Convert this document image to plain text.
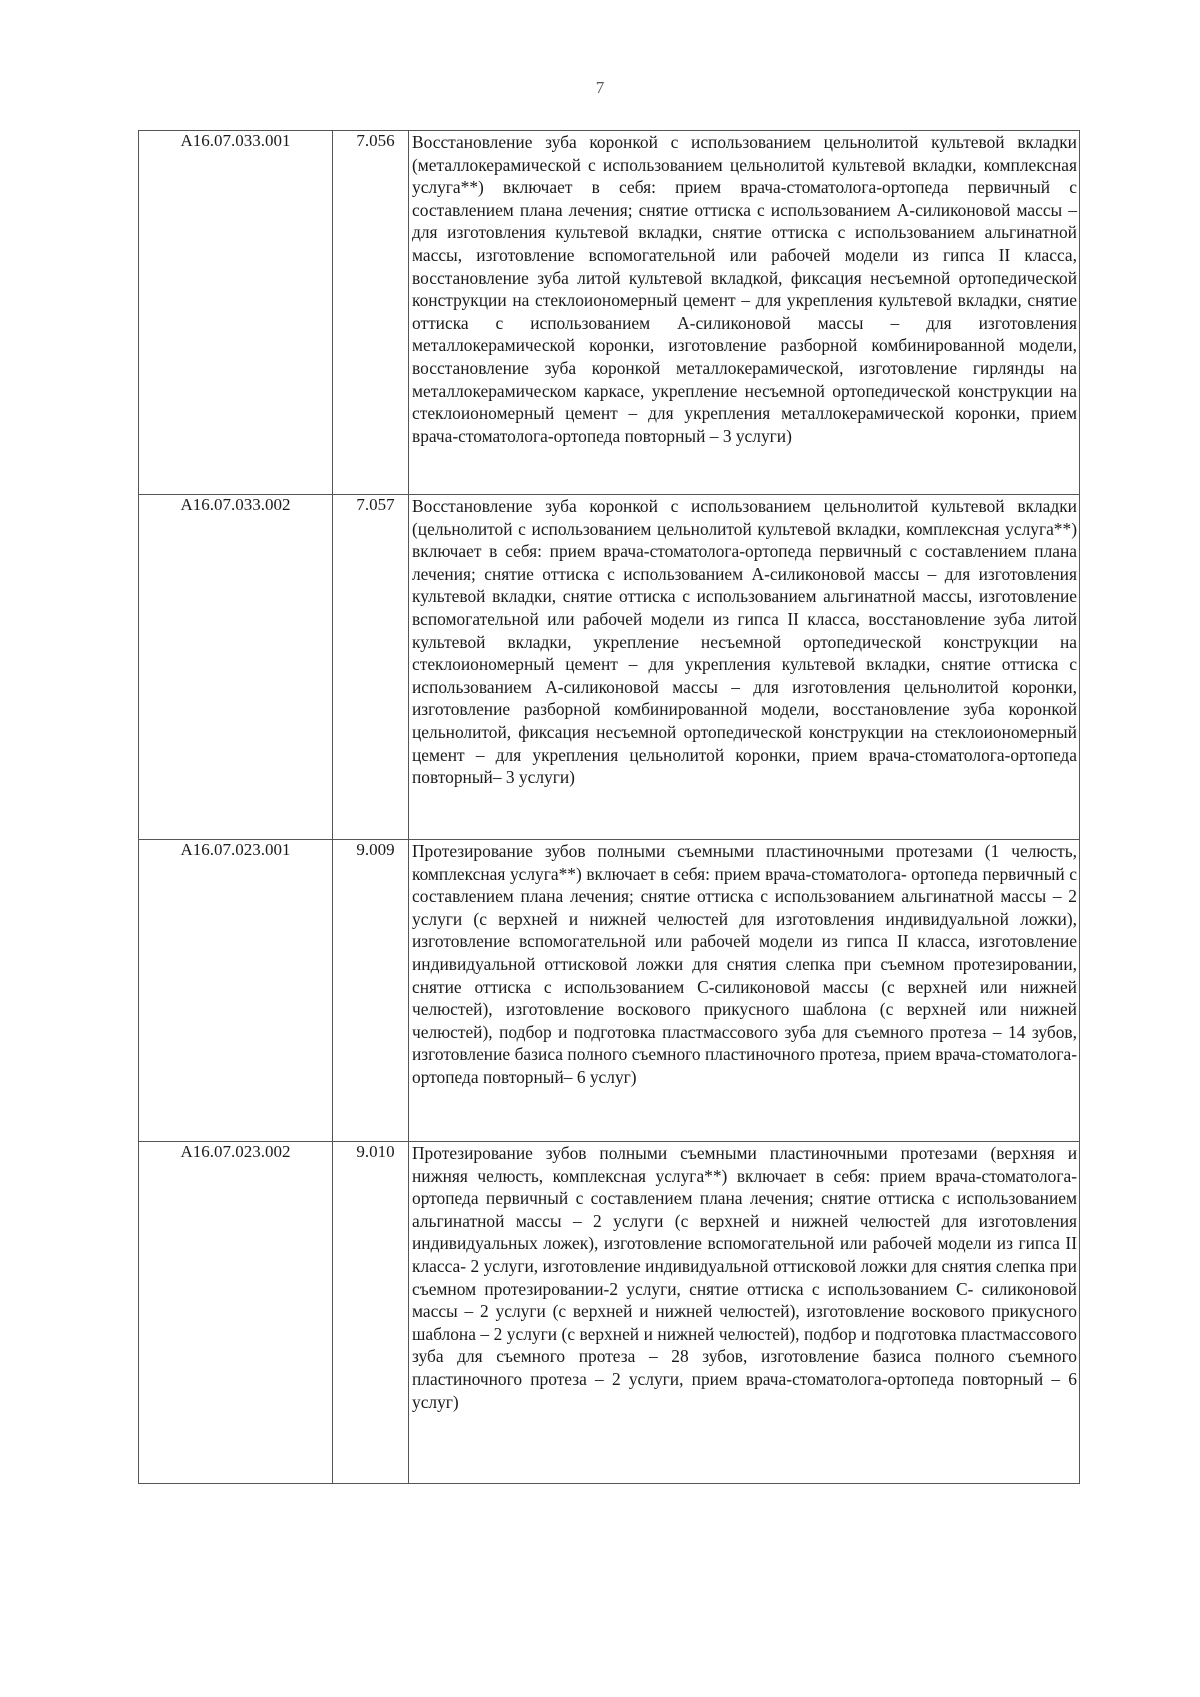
7
A16.07.033.001	7.056	Восстановление зуба коронкой с использованием цельнолитой культевой вкладки (металлокерамической с использованием цельнолитой культевой вкладки, комплексная услуга**) включает в себя: прием врача-стоматолога-ортопеда первичный с составлением плана лечения; снятие оттиска с использованием А-силиконовой массы – для изготовления культевой вкладки, снятие оттиска с использованием альгинатной массы, изготовление вспомогательной или рабочей модели из гипса II класса, восстановление зуба литой культевой вкладкой, фиксация несъемной ортопедической конструкции на стеклоиономерный цемент – для укрепления культевой вкладки, снятие оттиска с использованием А-силиконовой массы – для изготовления металлокерамической коронки, изготовление разборной комбинированной модели, восстановление зуба коронкой металлокерамической, изготовление гирлянды на металлокерамическом каркасе, укрепление несъемной ортопедической конструкции на стеклоиономерный цемент – для укрепления металлокерамической коронки, прием врача-стоматолога-ортопеда повторный – 3 услуги)
A16.07.033.002	7.057	Восстановление зуба коронкой с использованием цельнолитой культевой вкладки (цельнолитой с использованием цельнолитой культевой вкладки, комплексная услуга**) включает в себя: прием врача-стоматолога-ортопеда первичный с составлением плана лечения; снятие оттиска с использованием А-силиконовой массы – для изготовления культевой вкладки, снятие оттиска с использованием альгинатной массы, изготовление вспомогательной или рабочей модели из гипса II класса, восстановление зуба литой культевой вкладки, укрепление несъемной ортопедической конструкции на стеклоиономерный цемент – для укрепления культевой вкладки, снятие оттиска с использованием А-силиконовой массы – для изготовления цельнолитой коронки, изготовление разборной комбинированной модели, восстановление зуба коронкой цельнолитой, фиксация несъемной ортопедической конструкции на стеклоиономерный цемент – для укрепления цельнолитой коронки, прием врача-стоматолога-ортопеда повторный– 3 услуги)
A16.07.023.001	9.009	Протезирование зубов полными съемными пластиночными протезами (1 челюсть, комплексная услуга**) включает в себя: прием врача-стоматолога- ортопеда первичный с составлением плана лечения; снятие оттиска с использованием альгинатной массы – 2 услуги (с верхней и нижней челюстей для изготовления индивидуальной ложки), изготовление вспомогательной или рабочей модели из гипса II класса, изготовление индивидуальной оттисковой ложки для снятия слепка при съемном протезировании, снятие оттиска с использованием С-силиконовой массы (с верхней или нижней челюстей), изготовление воскового прикусного шаблона (с верхней или нижней челюстей), подбор и подготовка пластмассового зуба для съемного протеза – 14 зубов, изготовление базиса полного съемного пластиночного протеза, прием врача-стоматолога-ортопеда повторный– 6 услуг)
A16.07.023.002	9.010	Протезирование зубов полными съемными пластиночными протезами (верхняя и нижняя челюсть, комплексная услуга**) включает в себя: прием врача-стоматолога-ортопеда первичный с составлением плана лечения; снятие оттиска с использованием альгинатной массы – 2 услуги (с верхней и нижней челюстей для изготовления индивидуальных ложек), изготовление вспомогательной или рабочей модели из гипса II класса- 2 услуги, изготовление индивидуальной оттисковой ложки для снятия слепка при съемном протезировании-2 услуги, снятие оттиска с использованием С- силиконовой массы – 2 услуги (с верхней и нижней челюстей), изготовление воскового прикусного шаблона – 2 услуги (с верхней и нижней челюстей), подбор и подготовка пластмассового зуба для съемного протеза – 28 зубов, изготовление базиса полного съемного пластиночного протеза – 2 услуги, прием врача-стоматолога-ортопеда повторный – 6 услуг)
